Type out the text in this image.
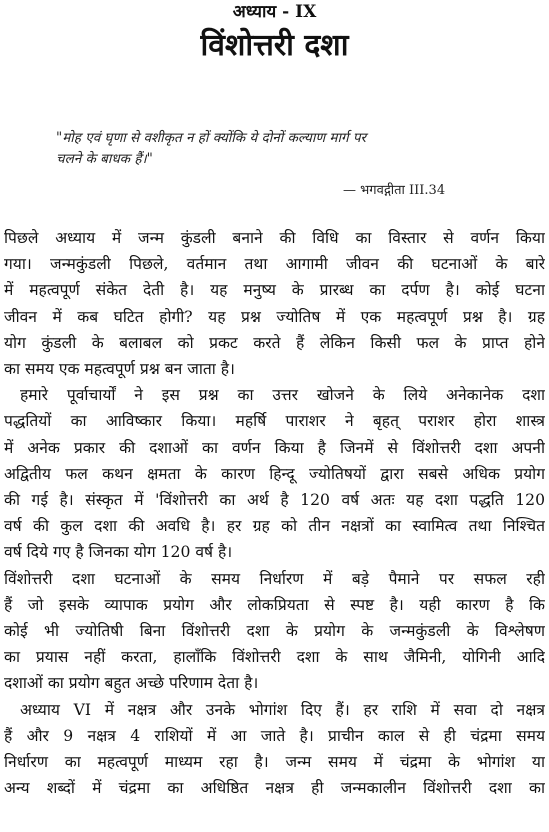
अध्याय - IX
विंशोत्तरी दशा
"मोह एवं घृणा से वशीकृत न हों क्योंकि ये दोनों कल्याण मार्ग पर
चलने के बाधक हैं।"
— भगवद्गीता III.34
पिछले अध्याय में जन्म कुंडली बनाने की विधि का विस्तार से वर्णन किया
गया। जन्मकुंडली पिछले, वर्तमान तथा आगामी जीवन की घटनाओं के बारे
में महत्वपूर्ण संकेत देती है। यह मनुष्य के प्रारब्ध का दर्पण है। कोई घटना
जीवन में कब घटित होगी? यह प्रश्न ज्योतिष में एक महत्वपूर्ण प्रश्न है। ग्रह
योग कुंडली के बलाबल को प्रकट करते हैं लेकिन किसी फल के प्राप्त होने
का समय एक महत्वपूर्ण प्रश्न बन जाता है।
हमारे पूर्वाचार्यों ने इस प्रश्न का उत्तर खोजने के लिये अनेकानेक दशा
पद्धतियों का आविष्कार किया। महर्षि पाराशर ने बृहत् पराशर होरा शास्त्र
में अनेक प्रकार की दशाओं का वर्णन किया है जिनमें से विंशोत्तरी दशा अपनी
अद्वितीय फल कथन क्षमता के कारण हिन्दू ज्योतिषयों द्वारा सबसे अधिक प्रयोग
की गई है। संस्कृत में 'विंशोत्तरी का अर्थ है 120 वर्ष अतः यह दशा पद्धति 120
वर्ष की कुल दशा की अवधि है। हर ग्रह को तीन नक्षत्रों का स्वामित्व तथा निश्चित
वर्ष दिये गए है जिनका योग 120 वर्ष है।
विंशोत्तरी दशा घटनाओं के समय निर्धारण में बड़े पैमाने पर सफल रही
हैं जो इसके व्यापाक प्रयोग और लोकप्रियता से स्पष्ट है। यही कारण है कि
कोई भी ज्योतिषी बिना विंशोत्तरी दशा के प्रयोग के जन्मकुंडली के विश्लेषण
का प्रयास नहीं करता, हालाँकि विंशोत्तरी दशा के साथ जैमिनी, योगिनी आदि
दशाओं का प्रयोग बहुत अच्छे परिणाम देता है।
अध्याय VI में नक्षत्र और उनके भोगांश दिए हैं। हर राशि में सवा दो नक्षत्र
हैं और 9 नक्षत्र 4 राशियों में आ जाते है। प्राचीन काल से ही चंद्रमा समय
निर्धारण का महत्वपूर्ण माध्यम रहा है। जन्म समय में चंद्रमा के भोगांश या
अन्य शब्दों में चंद्रमा का अधिष्ठित नक्षत्र ही जन्मकालीन विंशोत्तरी दशा का
